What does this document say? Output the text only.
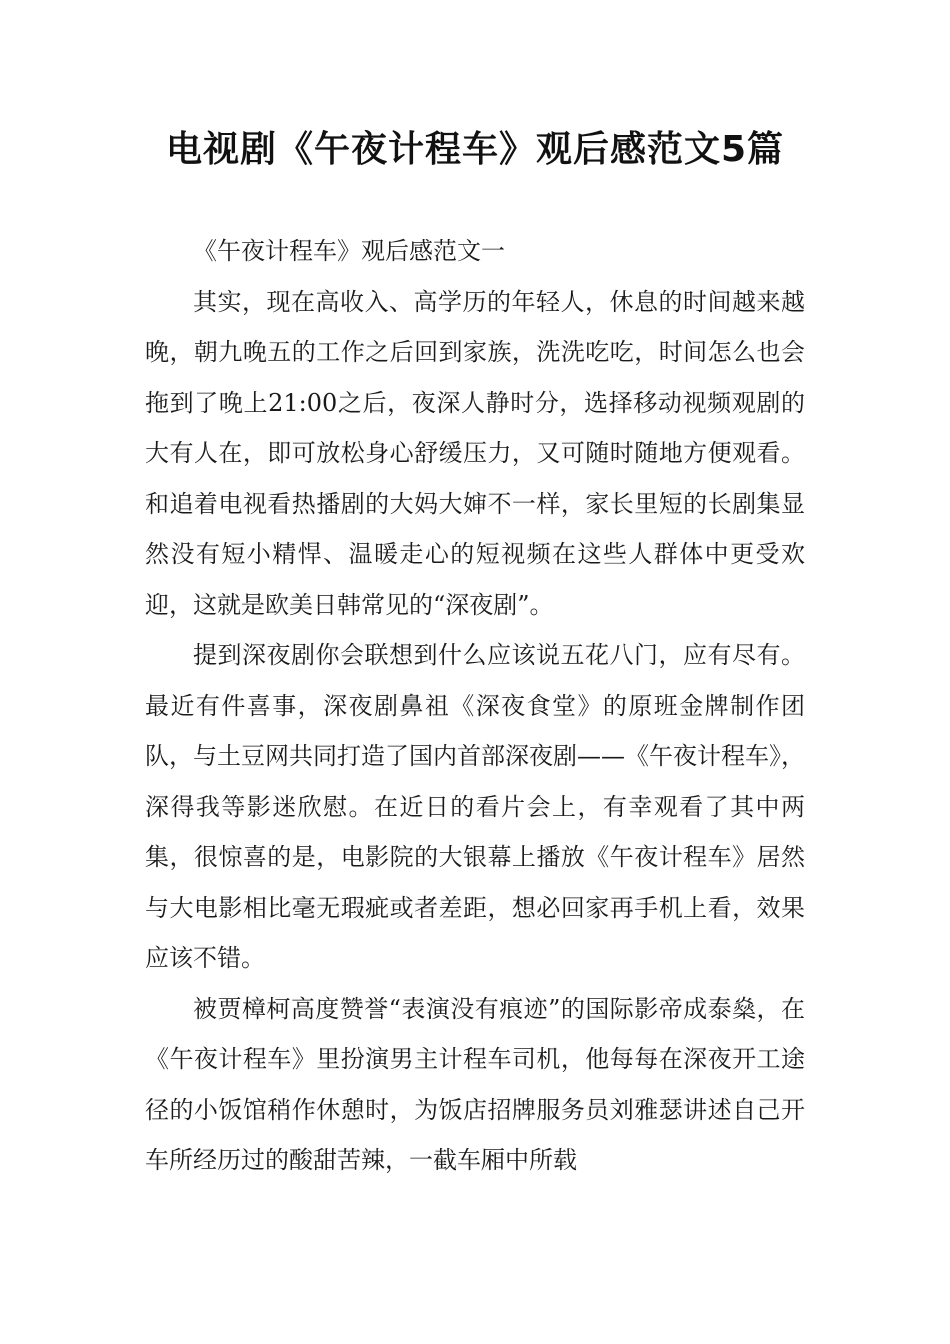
电视剧《午夜计程车》观后感范文5篇

《午夜计程车》观后感范文一

其实，现在高收入、高学历的年轻人，休息的时间越来越晚，朝九晚五的工作之后回到家族，洗洗吃吃，时间怎么也会拖到了晚上21:00之后，夜深人静时分，选择移动视频观剧的大有人在，即可放松身心舒缓压力，又可随时随地方便观看。和追着电视看热播剧的大妈大婶不一样，家长里短的长剧集显然没有短小精悍、温暖走心的短视频在这些人群体中更受欢迎，这就是欧美日韩常见的“深夜剧”。

提到深夜剧你会联想到什么应该说五花八门，应有尽有。最近有件喜事，深夜剧鼻祖《深夜食堂》的原班金牌制作团队，与土豆网共同打造了国内首部深夜剧——《午夜计程车》，深得我等影迷欣慰。在近日的看片会上，有幸观看了其中两集，很惊喜的是，电影院的大银幕上播放《午夜计程车》居然与大电影相比毫无瑕疵或者差距，想必回家再手机上看，效果应该不错。

被贾樟柯高度赞誉“表演没有痕迹”的国际影帝成泰燊，在《午夜计程车》里扮演男主计程车司机，他每每在深夜开工途径的小饭馆稍作休憩时，为饭店招牌服务员刘雅瑟讲述自己开车所经历过的酸甜苦辣，一截车厢中所载
